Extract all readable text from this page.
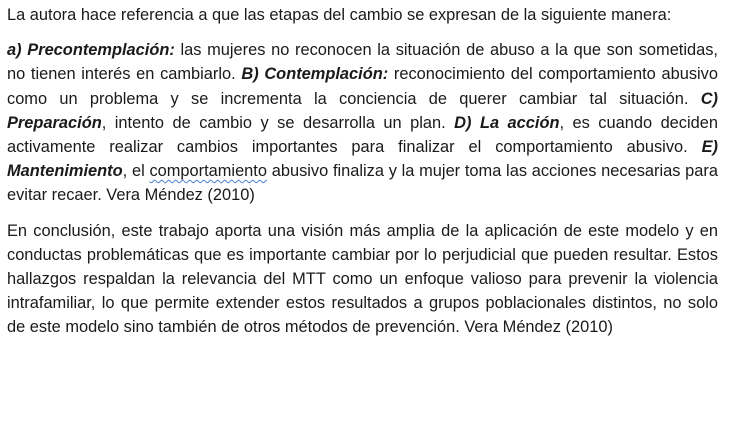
La autora hace referencia a que las etapas del cambio se expresan de la siguiente manera:

a) Precontemplación: las mujeres no reconocen la situación de abuso a la que son sometidas, no tienen interés en cambiarlo. B) Contemplación: reconocimiento del comportamiento abusivo como un problema y se incrementa la conciencia de querer cambiar tal situación. C) Preparación, intento de cambio y se desarrolla un plan. D) La acción, es cuando deciden activamente realizar cambios importantes para finalizar el comportamiento abusivo. E) Mantenimiento, el comportamiento abusivo finaliza y la mujer toma las acciones necesarias para evitar recaer. Vera Méndez (2010)

En conclusión, este trabajo aporta una visión más amplia de la aplicación de este modelo y en conductas problemáticas que es importante cambiar por lo perjudicial que pueden resultar. Estos hallazgos respaldan la relevancia del MTT como un enfoque valioso para prevenir la violencia intrafamiliar, lo que permite extender estos resultados a grupos poblacionales distintos, no solo de este modelo sino también de otros métodos de prevención. Vera Méndez (2010)
